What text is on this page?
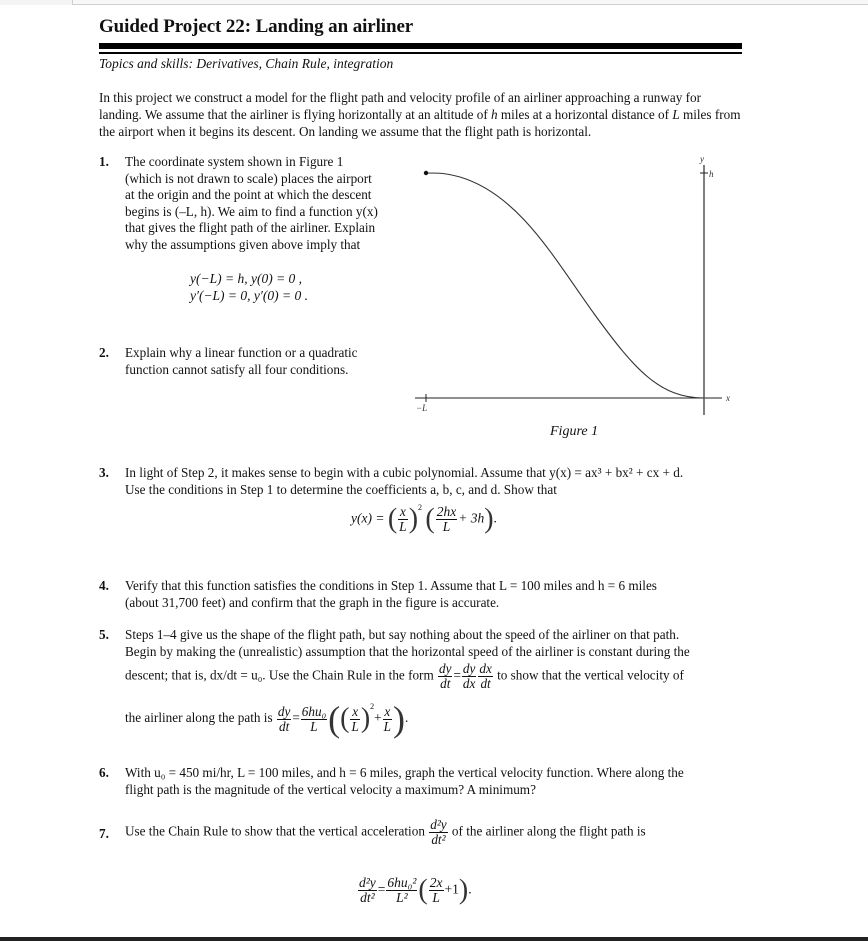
Guided Project 22: Landing an airliner
Topics and skills: Derivatives, Chain Rule, integration
In this project we construct a model for the flight path and velocity profile of an airliner approaching a runway for landing. We assume that the airliner is flying horizontally at an altitude of h miles at a horizontal distance of L miles from the airport when it begins its descent. On landing we assume that the flight path is horizontal.
1. The coordinate system shown in Figure 1
(which is not drawn to scale) places the airport
at the origin and the point at which the descent
begins is (–L, h). We aim to find a function y(x)
that gives the flight path of the airliner. Explain
why the assumptions given above imply that
y(−L) = h, y(0) = 0 ,
y′(−L) = 0, y′(0) = 0 .
2. Explain why a linear function or a quadratic
function cannot satisfy all four conditions.
3. In light of Step 2, it makes sense to begin with a cubic polynomial. Assume that y(x) = ax³ + bx² + cx + d.
Use the conditions in Step 1 to determine the coefficients a, b, c, and d. Show that
y(x) = ( $\frac{x}{L} )^2$ ( $\frac{2hx}{L} + 3h$).
4. Verify that this function satisfies the conditions in Step 1. Assume that L = 100 miles and h = 6 miles
(about 31,700 feet) and confirm that the graph in the figure is accurate.
5. Steps 1–4 give us the shape of the flight path, but say nothing about the speed of the airliner on that path.
Begin by making the (unrealistic) assumption that the horizontal speed of the airliner is constant during the
descent; that is, dx/dt = u₀. Use the Chain Rule in the form $\frac{dy}{dt} = \frac{dy}{dx} \frac{dx}{dt}$ to show that the vertical velocity of
the airliner along the path is $\frac{dy}{dt} = \frac{\text{6hu₀}}{L}$ (( $\frac{x}{L} )^2+ \frac{x}{L}$ ).
6. With u₀ = 450 mi/hr, L = 100 miles, and h = 6 miles, graph the vertical velocity function. Where along the
flight path is the magnitude of the vertical velocity a maximum? A minimum?
7. Use the Chain Rule to show that the vertical acceleration $\frac{\text{d²y}}{\text{dt²}}$ of the airliner along the flight path is
$\frac{\text{d²y}}{\text{dt²}} = \frac{\text{6hu₀²}}{\text{L²}}$ ( $\frac{2x}{L} +1$).
y
h
x
−L
Figure 1
